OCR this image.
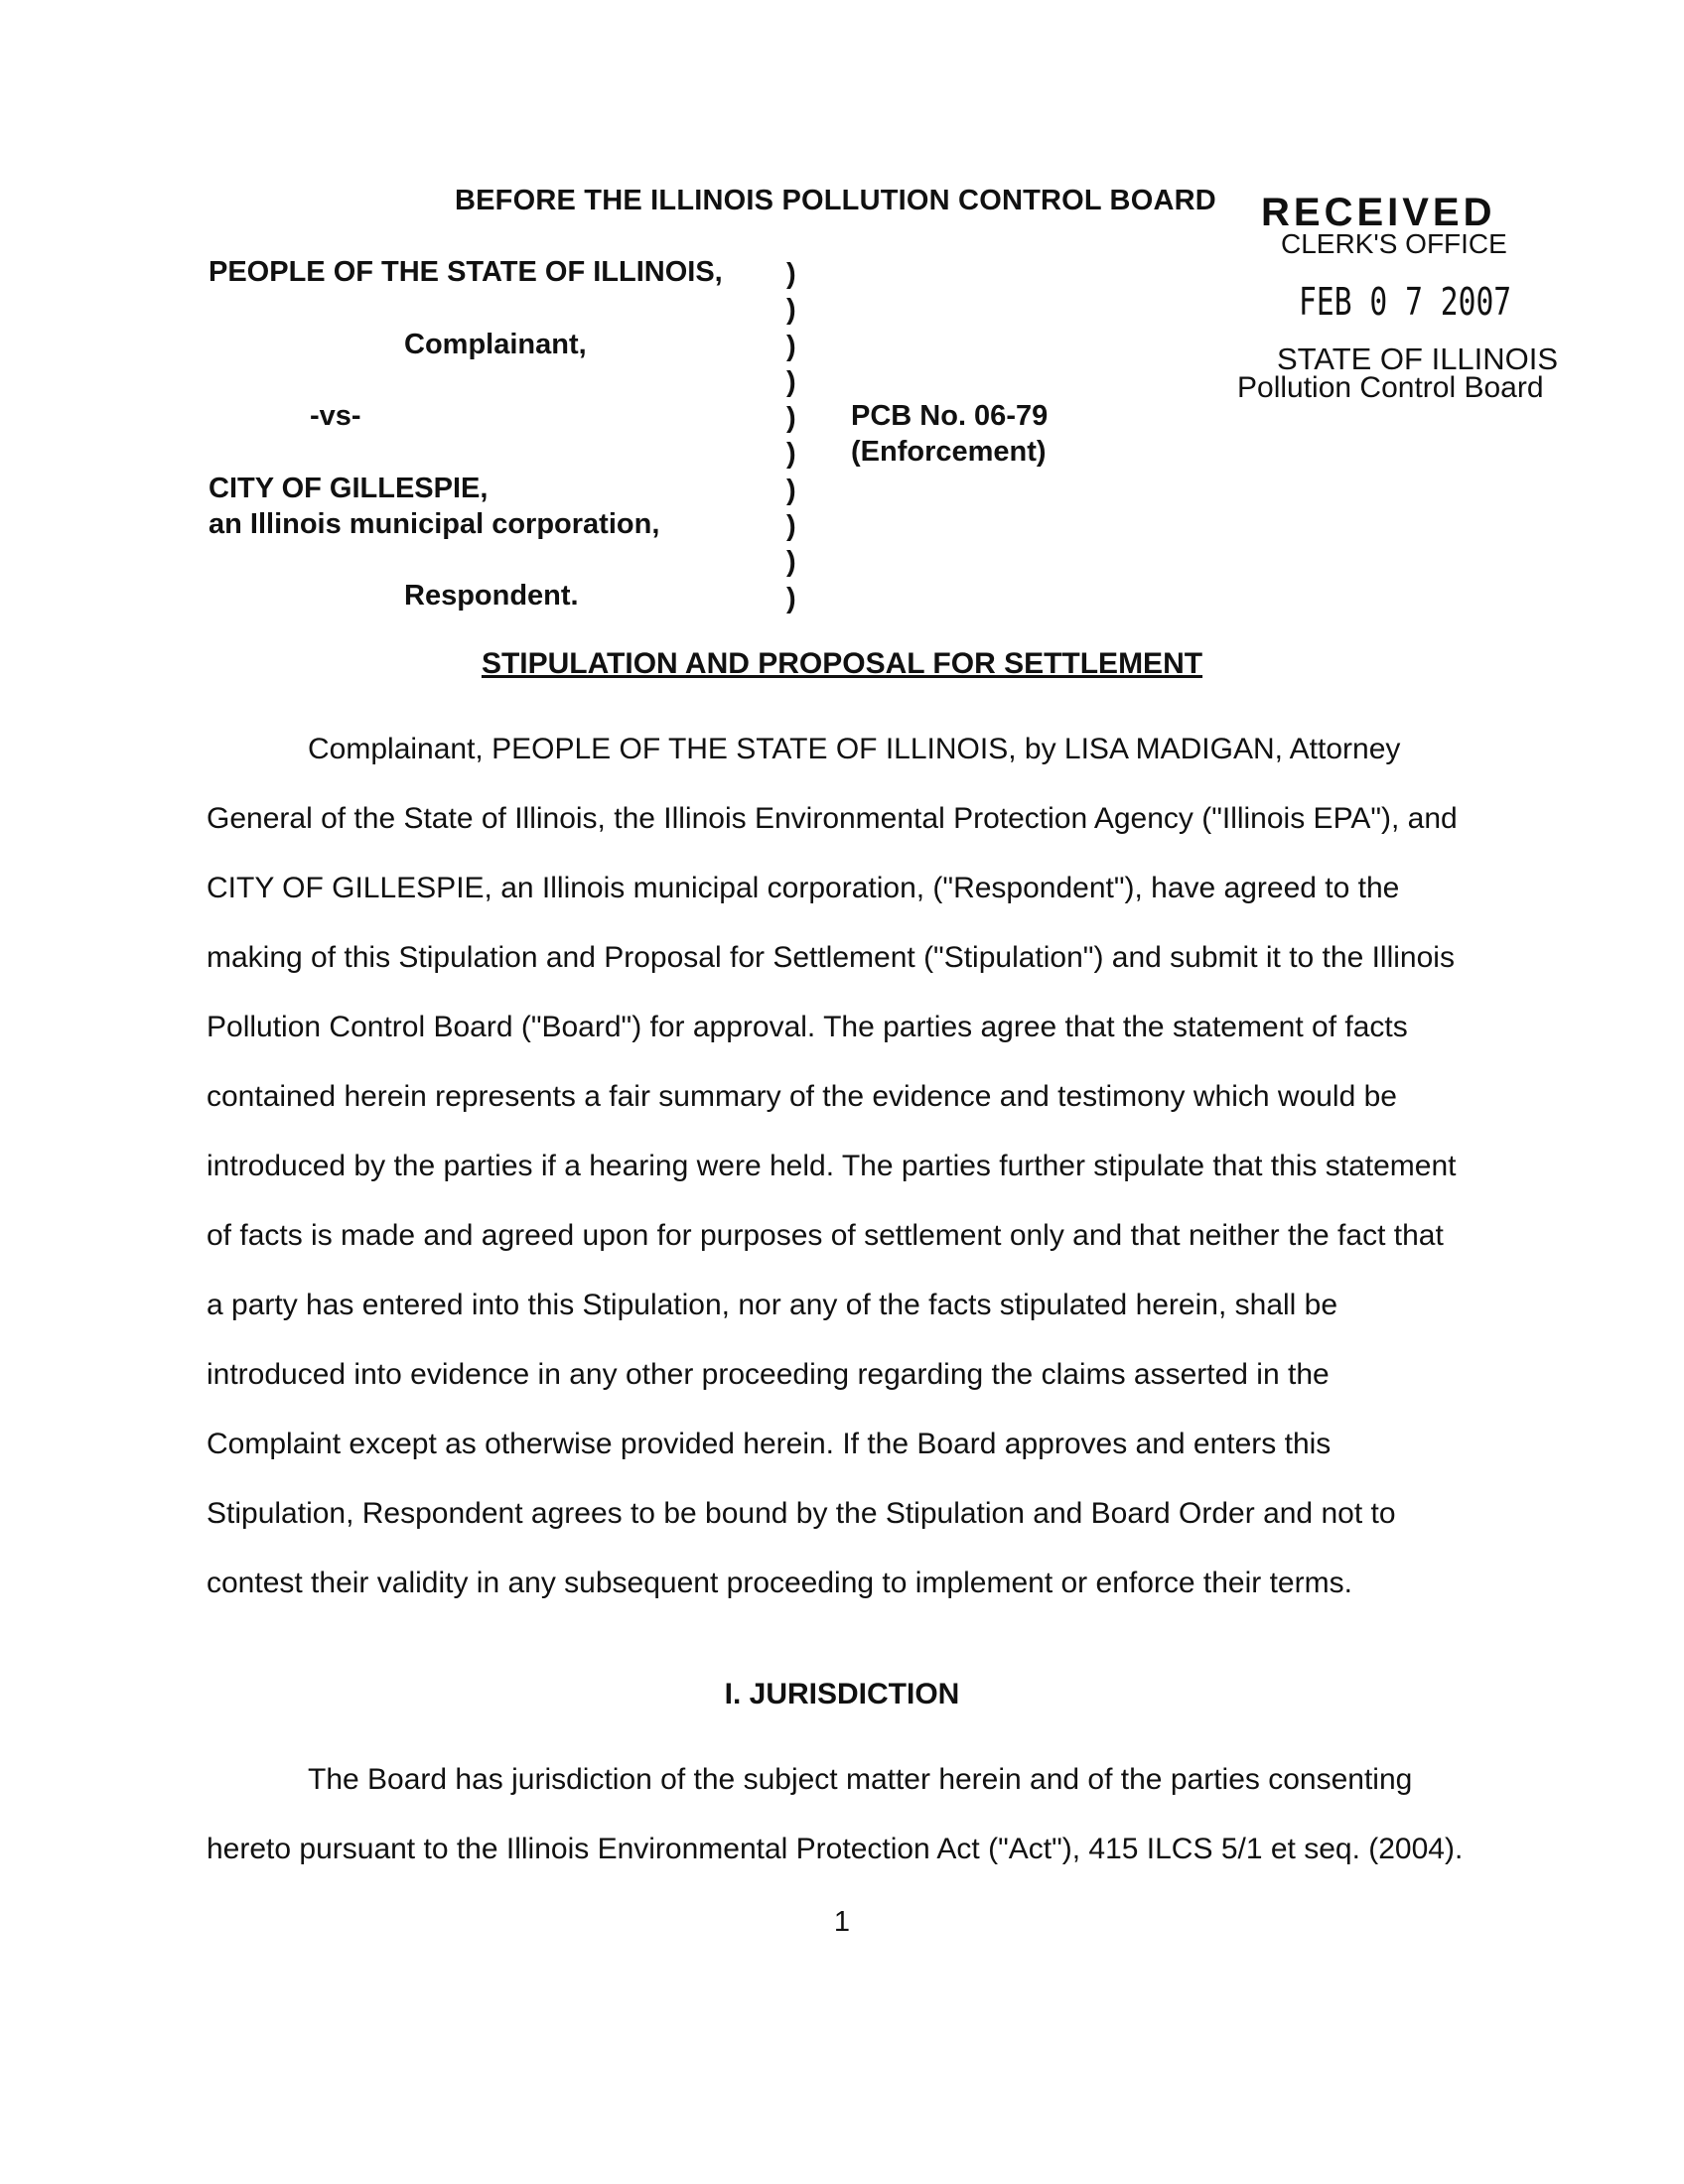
BEFORE THE ILLINOIS POLLUTION CONTROL BOARD RECEIVED
CLERK'S OFFICE
FEB 0 7 2007
STATE OF ILLINOIS
Pollution Control Board
PEOPLE OF THE STATE OF ILLINOIS,
Complainant,
-vs-
CITY OF GILLESPIE,
an Illinois municipal corporation,
Respondent.
)
)
)
)
)
)
)
)
)
)
PCB No. 06-79
(Enforcement)
STIPULATION AND PROPOSAL FOR SETTLEMENT
Complainant, PEOPLE OF THE STATE OF ILLINOIS, by LISA MADIGAN, Attorney
General of the State of Illinois, the Illinois Environmental Protection Agency ("Illinois EPA"), and
CITY OF GILLESPIE, an Illinois municipal corporation, ("Respondent"), have agreed to the
making of this Stipulation and Proposal for Settlement ("Stipulation") and submit it to the Illinois
Pollution Control Board ("Board") for approval. The parties agree that the statement of facts
contained herein represents a fair summary of the evidence and testimony which would be
introduced by the parties if a hearing were held. The parties further stipulate that this statement
of facts is made and agreed upon for purposes of settlement only and that neither the fact that
a party has entered into this Stipulation, nor any of the facts stipulated herein, shall be
introduced into evidence in any other proceeding regarding the claims asserted in the
Complaint except as otherwise provided herein. If the Board approves and enters this
Stipulation, Respondent agrees to be bound by the Stipulation and Board Order and not to
contest their validity in any subsequent proceeding to implement or enforce their terms.
I. JURISDICTION
The Board has jurisdiction of the subject matter herein and of the parties consenting
hereto pursuant to the Illinois Environmental Protection Act ("Act"), 415 ILCS 5/1 et seq. (2004).
1
